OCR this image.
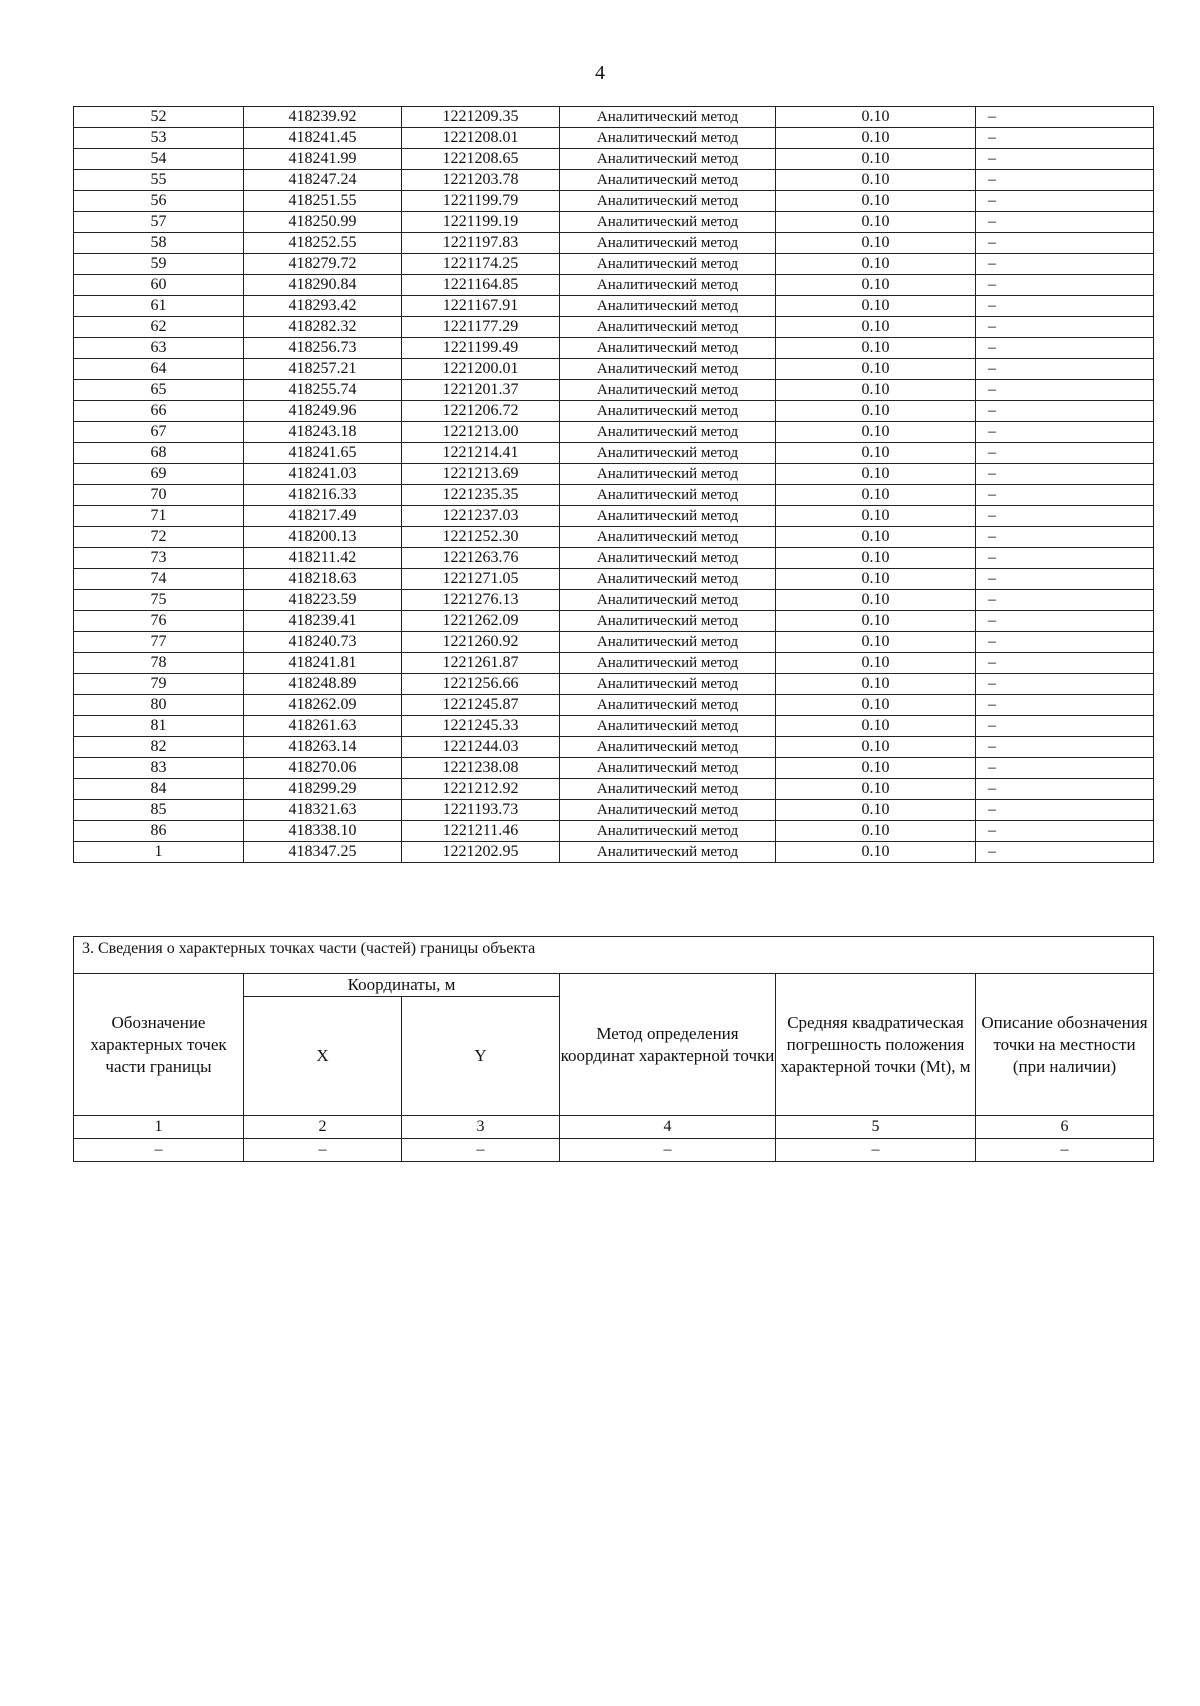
4
52	418239.92	1221209.35	Аналитический метод	0.10	–
53	418241.45	1221208.01	Аналитический метод	0.10	–
54	418241.99	1221208.65	Аналитический метод	0.10	–
55	418247.24	1221203.78	Аналитический метод	0.10	–
56	418251.55	1221199.79	Аналитический метод	0.10	–
57	418250.99	1221199.19	Аналитический метод	0.10	–
58	418252.55	1221197.83	Аналитический метод	0.10	–
59	418279.72	1221174.25	Аналитический метод	0.10	–
60	418290.84	1221164.85	Аналитический метод	0.10	–
61	418293.42	1221167.91	Аналитический метод	0.10	–
62	418282.32	1221177.29	Аналитический метод	0.10	–
63	418256.73	1221199.49	Аналитический метод	0.10	–
64	418257.21	1221200.01	Аналитический метод	0.10	–
65	418255.74	1221201.37	Аналитический метод	0.10	–
66	418249.96	1221206.72	Аналитический метод	0.10	–
67	418243.18	1221213.00	Аналитический метод	0.10	–
68	418241.65	1221214.41	Аналитический метод	0.10	–
69	418241.03	1221213.69	Аналитический метод	0.10	–
70	418216.33	1221235.35	Аналитический метод	0.10	–
71	418217.49	1221237.03	Аналитический метод	0.10	–
72	418200.13	1221252.30	Аналитический метод	0.10	–
73	418211.42	1221263.76	Аналитический метод	0.10	–
74	418218.63	1221271.05	Аналитический метод	0.10	–
75	418223.59	1221276.13	Аналитический метод	0.10	–
76	418239.41	1221262.09	Аналитический метод	0.10	–
77	418240.73	1221260.92	Аналитический метод	0.10	–
78	418241.81	1221261.87	Аналитический метод	0.10	–
79	418248.89	1221256.66	Аналитический метод	0.10	–
80	418262.09	1221245.87	Аналитический метод	0.10	–
81	418261.63	1221245.33	Аналитический метод	0.10	–
82	418263.14	1221244.03	Аналитический метод	0.10	–
83	418270.06	1221238.08	Аналитический метод	0.10	–
84	418299.29	1221212.92	Аналитический метод	0.10	–
85	418321.63	1221193.73	Аналитический метод	0.10	–
86	418338.10	1221211.46	Аналитический метод	0.10	–
1	418347.25	1221202.95	Аналитический метод	0.10	–
3. Сведения о характерных точках части (частей) границы объекта					
Обозначение характерных точек части границы	Координаты, м		Метод определения координат характерной точки	Средняя квадратическая погрешность положения характерной точки (Mt), м	Описание обозначения точки на местности (при наличии)
	X	Y			
1	2	3	4	5	6
–	–	–	–	–	–
